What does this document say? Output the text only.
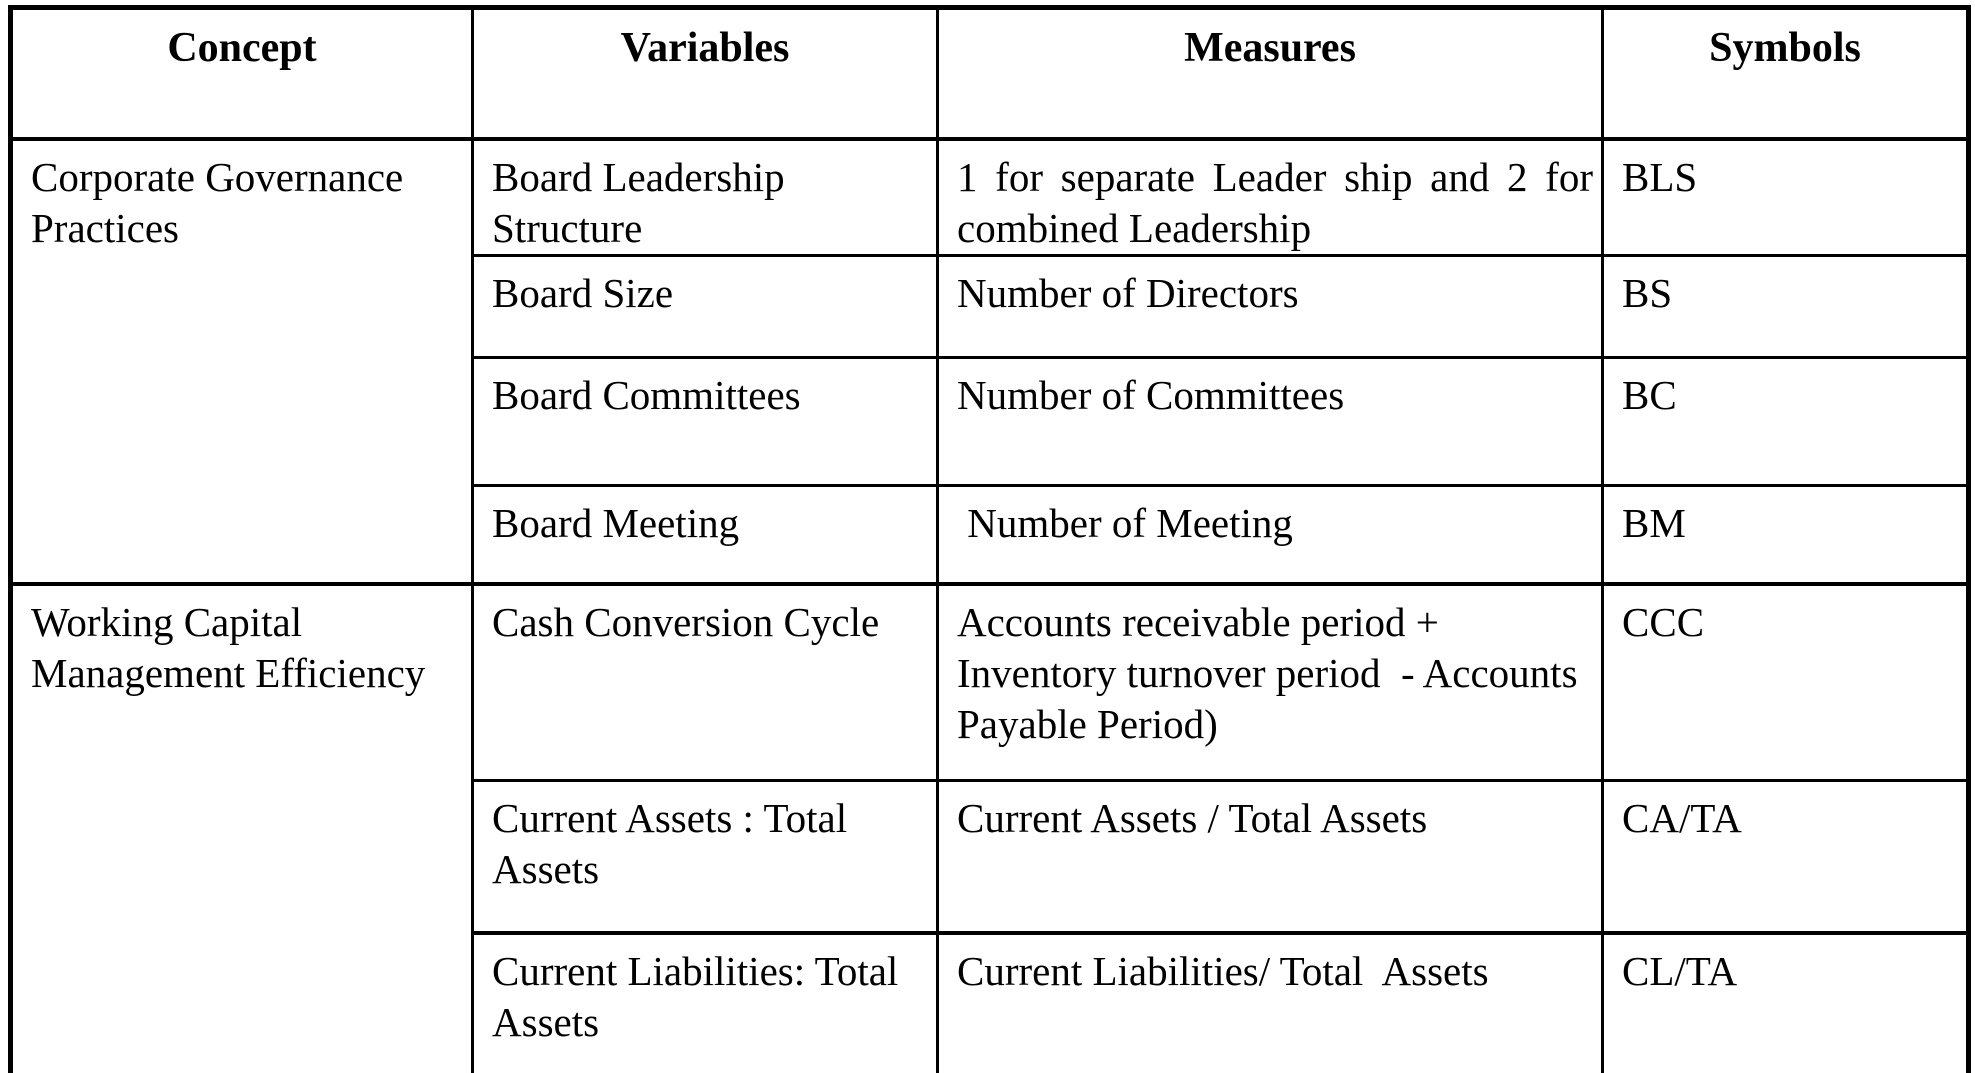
Concept	Variables	Measures	Symbols
Corporate Governance Practices	Board Leadership Structure	1 for separate Leader ship and 2 for combined Leadership	BLS
	Board Size	Number of Directors	BS
	Board Committees	Number of Committees	BC
	Board Meeting	Number of Meeting	BM
Working Capital Management Efficiency	Cash Conversion Cycle	Accounts receivable period + Inventory turnover period  - Accounts Payable Period)	CCC
	Current Assets : Total Assets	Current Assets / Total Assets	CA/TA
	Current Liabilities: Total Assets	Current Liabilities/ Total  Assets	CL/TA
